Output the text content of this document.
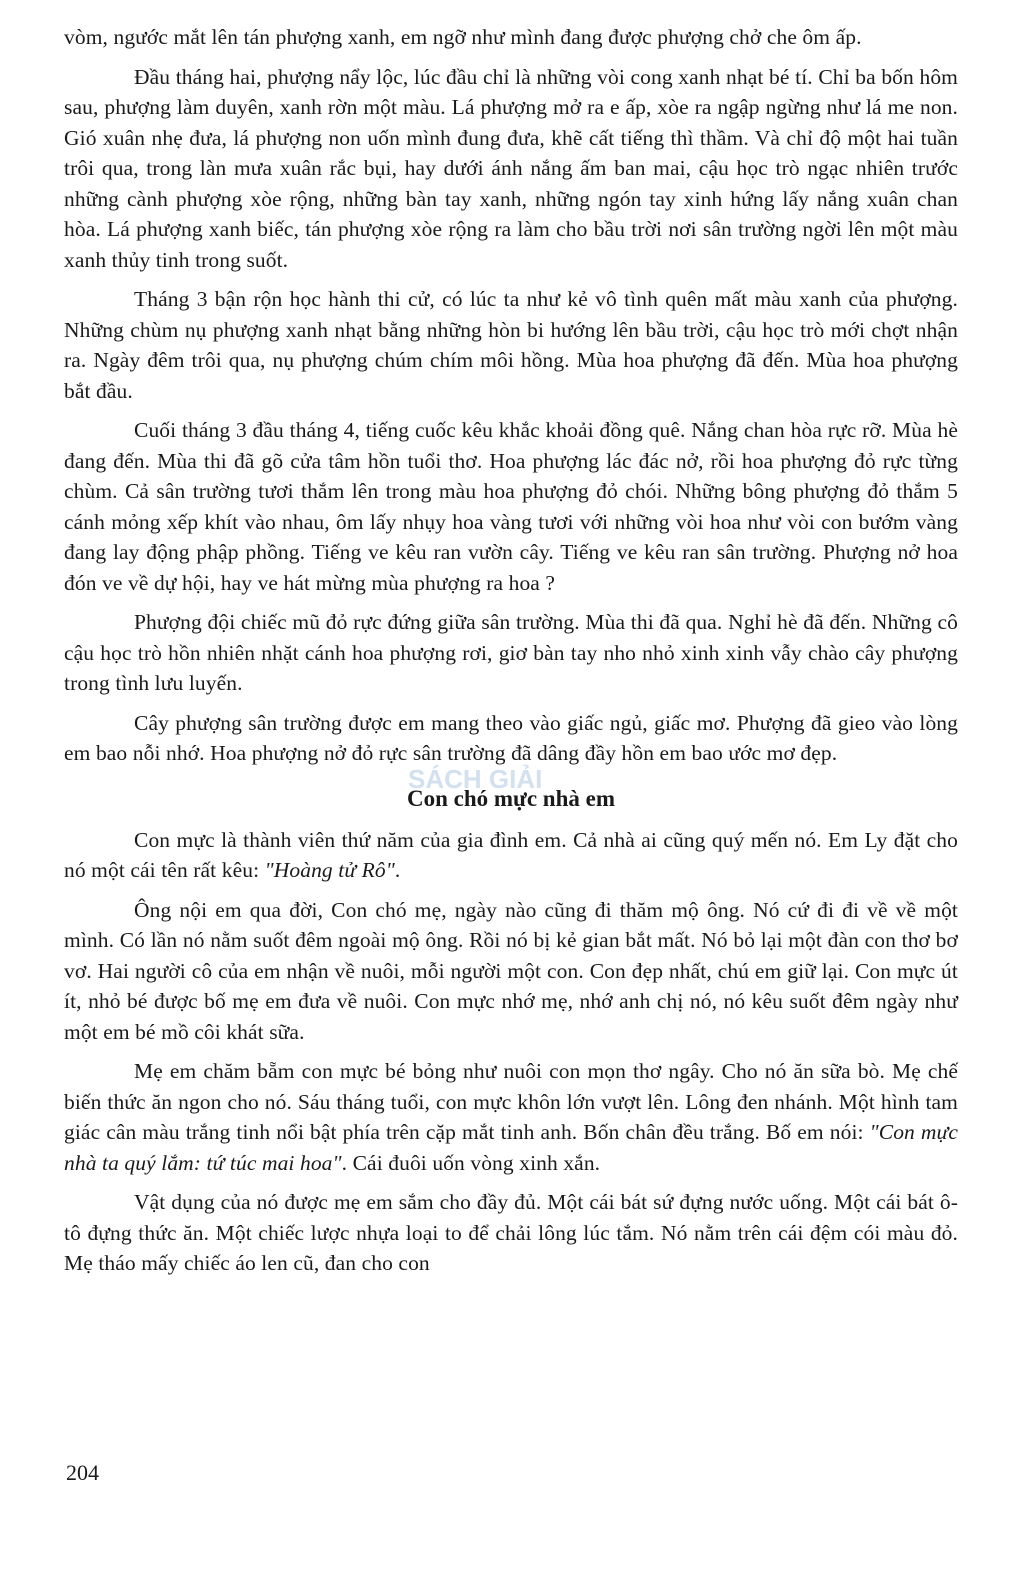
vòm, ngước mắt lên tán phượng xanh, em ngỡ như mình đang được phượng chở che ôm ấp.

Đầu tháng hai, phượng nẩy lộc, lúc đầu chỉ là những vòi cong xanh nhạt bé tí. Chỉ ba bốn hôm sau, phượng làm duyên, xanh rờn một màu. Lá phượng mở ra e ấp, xòe ra ngập ngừng như lá me non. Gió xuân nhẹ đưa, lá phượng non uốn mình đung đưa, khẽ cất tiếng thì thầm. Và chỉ độ một hai tuần trôi qua, trong làn mưa xuân rắc bụi, hay dưới ánh nắng ấm ban mai, cậu học trò ngạc nhiên trước những cành phượng xòe rộng, những bàn tay xanh, những ngón tay xinh hứng lấy nắng xuân chan hòa. Lá phượng xanh biếc, tán phượng xòe rộng ra làm cho bầu trời nơi sân trường ngời lên một màu xanh thủy tinh trong suốt.

Tháng 3 bận rộn học hành thi cử, có lúc ta như kẻ vô tình quên mất màu xanh của phượng. Những chùm nụ phượng xanh nhạt bằng những hòn bi hướng lên bầu trời, cậu học trò mới chợt nhận ra. Ngày đêm trôi qua, nụ phượng chúm chím môi hồng. Mùa hoa phượng đã đến. Mùa hoa phượng bắt đầu.

Cuối tháng 3 đầu tháng 4, tiếng cuốc kêu khắc khoải đồng quê. Nắng chan hòa rực rỡ. Mùa hè đang đến. Mùa thi đã gõ cửa tâm hồn tuổi thơ. Hoa phượng lác đác nở, rồi hoa phượng đỏ rực từng chùm. Cả sân trường tươi thắm lên trong màu hoa phượng đỏ chói. Những bông phượng đỏ thắm 5 cánh mỏng xếp khít vào nhau, ôm lấy nhụy hoa vàng tươi với những vòi hoa như vòi con bướm vàng đang lay động phập phồng. Tiếng ve kêu ran vườn cây. Tiếng ve kêu ran sân trường. Phượng nở hoa đón ve về dự hội, hay ve hát mừng mùa phượng ra hoa ?

Phượng đội chiếc mũ đỏ rực đứng giữa sân trường. Mùa thi đã qua. Nghỉ hè đã đến. Những cô cậu học trò hồn nhiên nhặt cánh hoa phượng rơi, giơ bàn tay nho nhỏ xinh xinh vẫy chào cây phượng trong tình lưu luyến.

Cây phượng sân trường được em mang theo vào giấc ngủ, giấc mơ. Phượng đã gieo vào lòng em bao nỗi nhớ. Hoa phượng nở đỏ rực sân trường đã dâng đầy hồn em bao ước mơ đẹp.

Con chó mực nhà em

Con mực là thành viên thứ năm của gia đình em. Cả nhà ai cũng quý mến nó. Em Ly đặt cho nó một cái tên rất kêu: "Hoàng tử Rô".

Ông nội em qua đời, Con chó mẹ, ngày nào cũng đi thăm mộ ông. Nó cứ đi đi về về một mình. Có lần nó nằm suốt đêm ngoài mộ ông. Rồi nó bị kẻ gian bắt mất. Nó bỏ lại một đàn con thơ bơ vơ. Hai người cô của em nhận về nuôi, mỗi người một con. Con đẹp nhất, chú em giữ lại. Con mực út ít, nhỏ bé được bố mẹ em đưa về nuôi. Con mực nhớ mẹ, nhớ anh chị nó, nó kêu suốt đêm ngày như một em bé mồ côi khát sữa.

Mẹ em chăm bẵm con mực bé bỏng như nuôi con mọn thơ ngây. Cho nó ăn sữa bò. Mẹ chế biến thức ăn ngon cho nó. Sáu tháng tuổi, con mực khôn lớn vượt lên. Lông đen nhánh. Một hình tam giác cân màu trắng tinh nổi bật phía trên cặp mắt tinh anh. Bốn chân đều trắng. Bố em nói: "Con mực nhà ta quý lắm: tứ túc mai hoa". Cái đuôi uốn vòng xinh xắn.

Vật dụng của nó được mẹ em sắm cho đầy đủ. Một cái bát sứ đựng nước uống. Một cái bát ô-tô đựng thức ăn. Một chiếc lược nhựa loại to để chải lông lúc tắm. Nó nằm trên cái đệm cói màu đỏ. Mẹ tháo mấy chiếc áo len cũ, đan cho con

SÁCH GIẢI
204
